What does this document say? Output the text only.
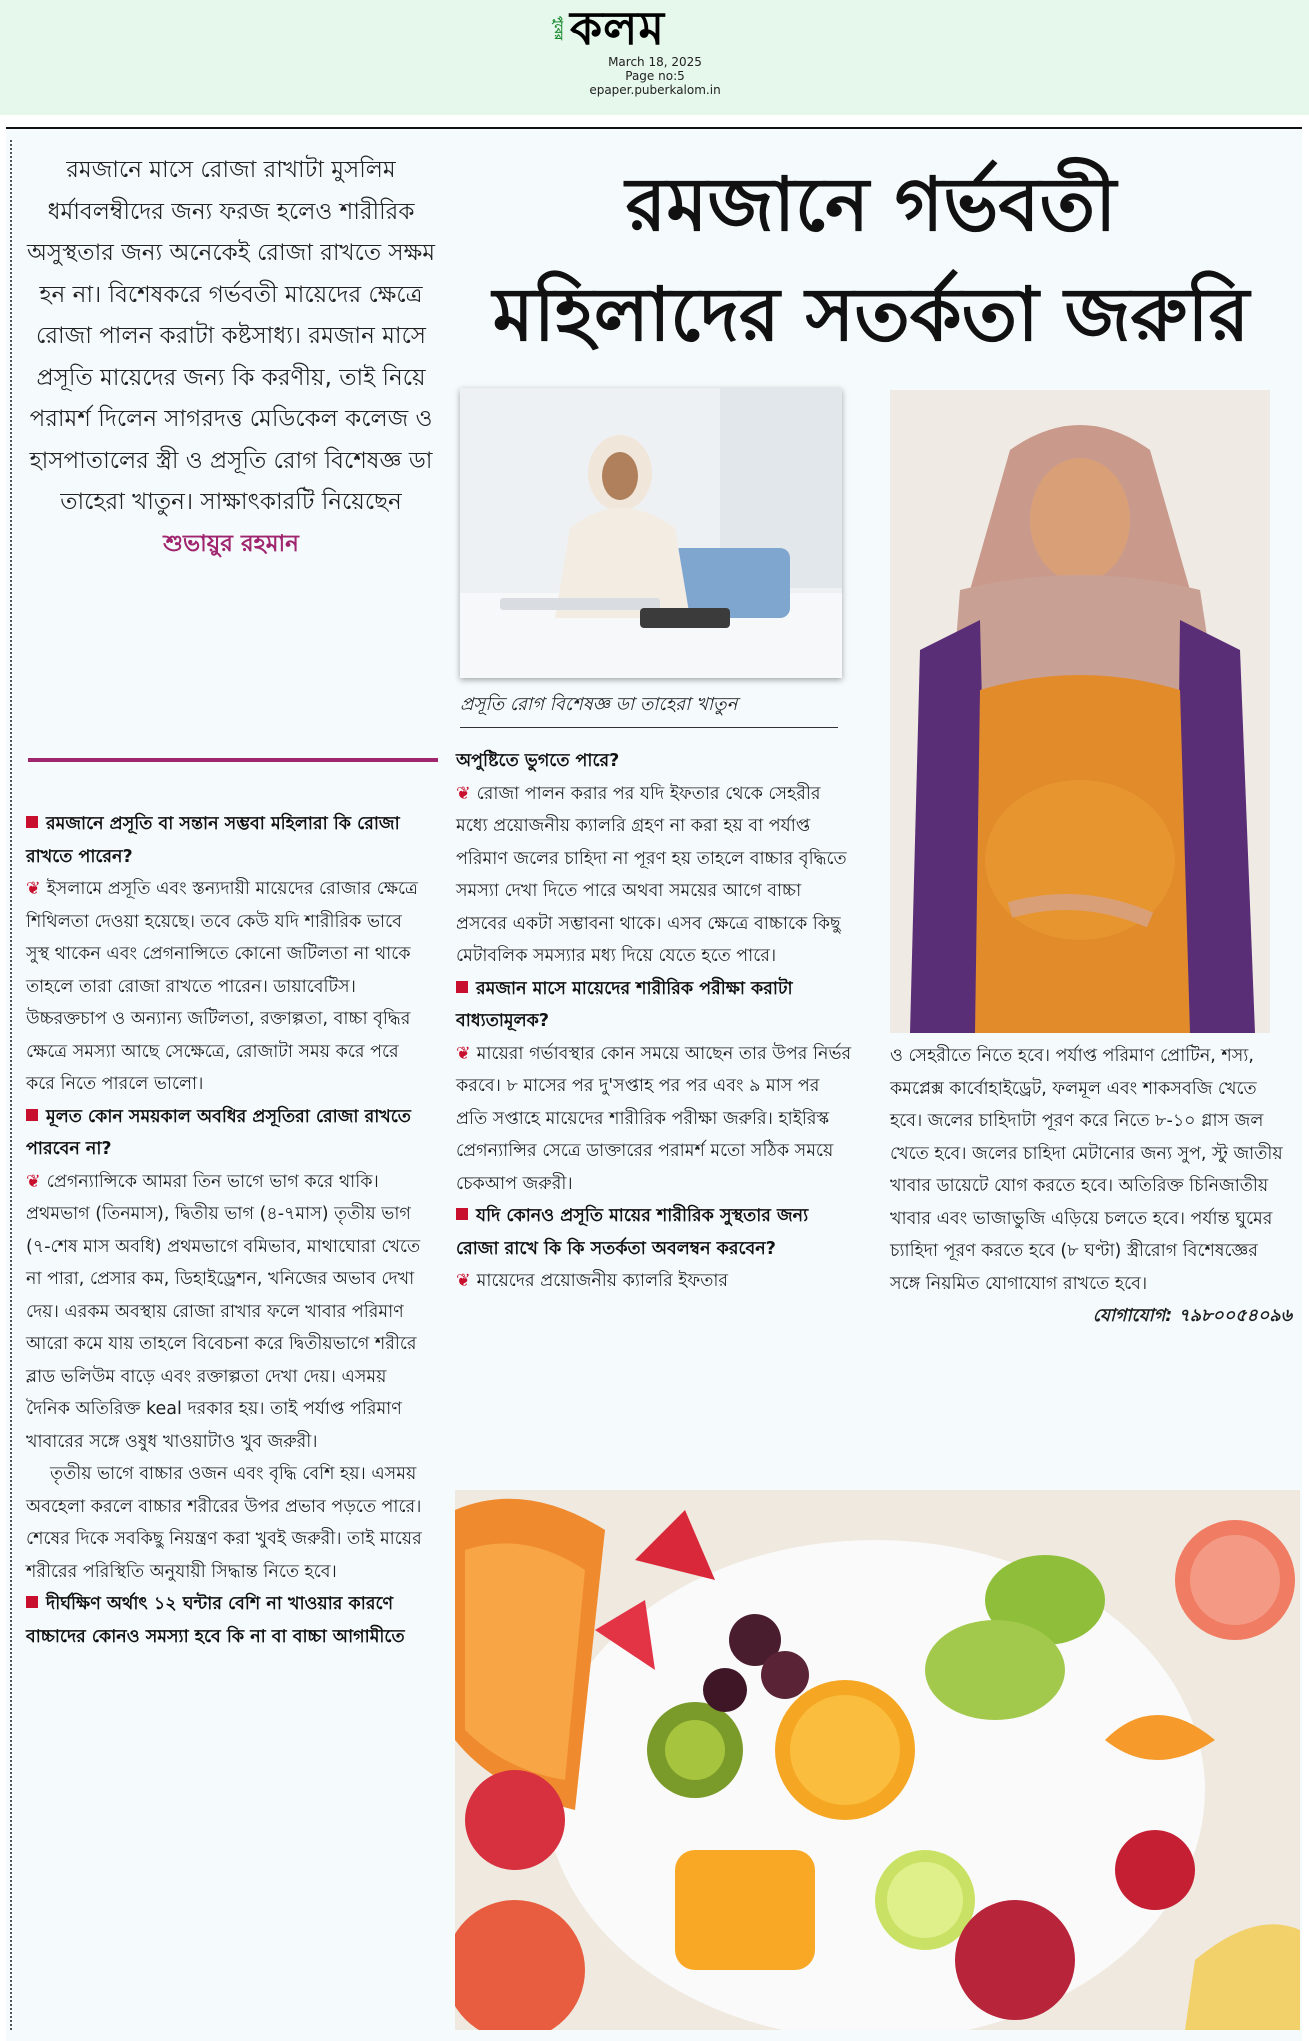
পুবের কলম
March 18, 2025
Page no:5
epaper.puberkalom.in
রমজানে গর্ভবতী
মহিলাদের সতর্কতা জরুরি
রমজানে মাসে রোজা রাখাটা মুসলিম ধর্মাবলম্বীদের জন্য ফরজ হলেও শারীরিক অসুস্থতার জন্য অনেকেই রোজা রাখতে সক্ষম হন না। বিশেষকরে গর্ভবতী মায়েদের ক্ষেত্রে রোজা পালন করাটা কষ্টসাধ্য। রমজান মাসে প্রসূতি মায়েদের জন্য কি করণীয়, তাই নিয়ে পরামর্শ দিলেন সাগরদত্ত মেডিকেল কলেজ ও হাসপাতালের স্ত্রী ও প্রসূতি রোগ বিশেষজ্ঞ ডা তাহেরা খাতুন। সাক্ষাৎকারটি নিয়েছেন
শুভায়ুর রহমান

রমজানে প্রসূতি বা সন্তান সম্ভবা মহিলারা কি রোজা রাখতে পারেন?

❦ ইসলামে প্রসূতি এবং স্তন্যদায়ী মায়েদের রোজার ক্ষেত্রে শিথিলতা দেওয়া হয়েছে। তবে কেউ যদি শারীরিক ভাবে সুস্থ থাকেন এবং প্রেগনান্সিতে কোনো জটিলতা না থাকে তাহলে তারা রোজা রাখতে পারেন। ডায়াবেটিস। উচ্চরক্তচাপ ও অন্যান্য জটিলতা, রক্তাল্পতা, বাচ্চা বৃদ্ধির ক্ষেত্রে সমস্যা আছে সেক্ষেত্রে, রোজাটা সময় করে পরে করে নিতে পারলে ভালো।

মূলত কোন সময়কাল অবধির প্রসূতিরা রোজা রাখতে পারবেন না?

❦ প্রেগন্যান্সিকে আমরা তিন ভাগে ভাগ করে থাকি। প্রথমভাগ (তিনমাস), দ্বিতীয় ভাগ (৪-৭মাস) তৃতীয় ভাগ (৭-শেষ মাস অবধি) প্রথমভাগে বমিভাব, মাথাঘোরা খেতে না পারা, প্রেসার কম, ডিহাইড্রেশন, খনিজের অভাব দেখা দেয়। এরকম অবস্থায় রোজা রাখার ফলে খাবার পরিমাণ আরো কমে যায় তাহলে বিবেচনা করে দ্বিতীয়ভাগে শরীরে ব্লাড ভলিউম বাড়ে এবং রক্তাল্পতা দেখা দেয়। এসময় দৈনিক অতিরিক্ত keal দরকার হয়। তাই পর্যাপ্ত পরিমাণ খাবারের সঙ্গে ওষুধ খাওয়াটাও খুব জরুরী।

তৃতীয় ভাগে বাচ্চার ওজন এবং বৃদ্ধি বেশি হয়। এসময় অবহেলা করলে বাচ্চার শরীরের উপর প্রভাব পড়তে পারে। শেষের দিকে সবকিছু নিয়ন্ত্রণ করা খুবই জরুরী। তাই মায়ের শরীরের পরিস্থিতি অনুযায়ী সিদ্ধান্ত নিতে হবে।

দীর্ঘক্ষিণ অর্থাৎ ১২ ঘন্টার বেশি না খাওয়ার কারণে বাচ্চাদের কোনও সমস্যা হবে কি না বা বাচ্চা আগামীতে

প্রসূতি রোগ বিশেষজ্ঞ ডা তাহেরা খাতুন

অপুষ্টিতে ভুগতে পারে?

❦ রোজা পালন করার পর যদি ইফতার থেকে সেহরীর মধ্যে প্রয়োজনীয় ক্যালরি গ্রহণ না করা হয় বা পর্যাপ্ত পরিমাণ জলের চাহিদা না পূরণ হয় তাহলে বাচ্চার বৃদ্ধিতে সমস্যা দেখা দিতে পারে অথবা সময়ের আগে বাচ্চা প্রসবের একটা সম্ভাবনা থাকে। এসব ক্ষেত্রে বাচ্চাকে কিছু মেটাবলিক সমস্যার মধ্য দিয়ে যেতে হতে পারে।

রমজান মাসে মায়েদের শারীরিক পরীক্ষা করাটা বাধ্যতামূলক?

❦ মায়েরা গর্ভাবস্থার কোন সময়ে আছেন তার উপর নির্ভর করবে। ৮ মাসের পর দু'সপ্তাহ পর পর এবং ৯ মাস পর প্রতি সপ্তাহে মায়েদের শারীরিক পরীক্ষা জরুরি। হাইরিস্ক প্রেগন্যান্সির সেত্রে ডাক্তারের পরামর্শ মতো সঠিক সময়ে চেকআপ জরুরী।

যদি কোনও প্রসূতি মায়ের শারীরিক সুস্থতার জন্য রোজা রাখে কি কি সতর্কতা অবলম্বন করবেন?

❦ মায়েদের প্রয়োজনীয় ক্যালরি ইফতার

ও সেহরীতে নিতে হবে। পর্যাপ্ত পরিমাণ প্রোটিন, শস্য, কমপ্লেক্স কার্বোহাইড্রেট, ফলমূল এবং শাকসবজি খেতে হবে। জলের চাহিদাটা পূরণ করে নিতে ৮-১০ গ্লাস জল খেতে হবে। জলের চাহিদা মেটানোর জন্য সুপ, স্টু জাতীয় খাবার ডায়েটে যোগ করতে হবে। অতিরিক্ত চিনিজাতীয় খাবার এবং ভাজাভুজি এড়িয়ে চলতে হবে। পর্যান্ত ঘুমের চ্যাহিদা পূরণ করতে হবে (৮ ঘণ্টা) স্ত্রীরোগ বিশেষজ্ঞের সঙ্গে নিয়মিত যোগাযোগ রাখতে হবে।

যোগাযোগ: ৭৯৮০০৫৪০৯৬
